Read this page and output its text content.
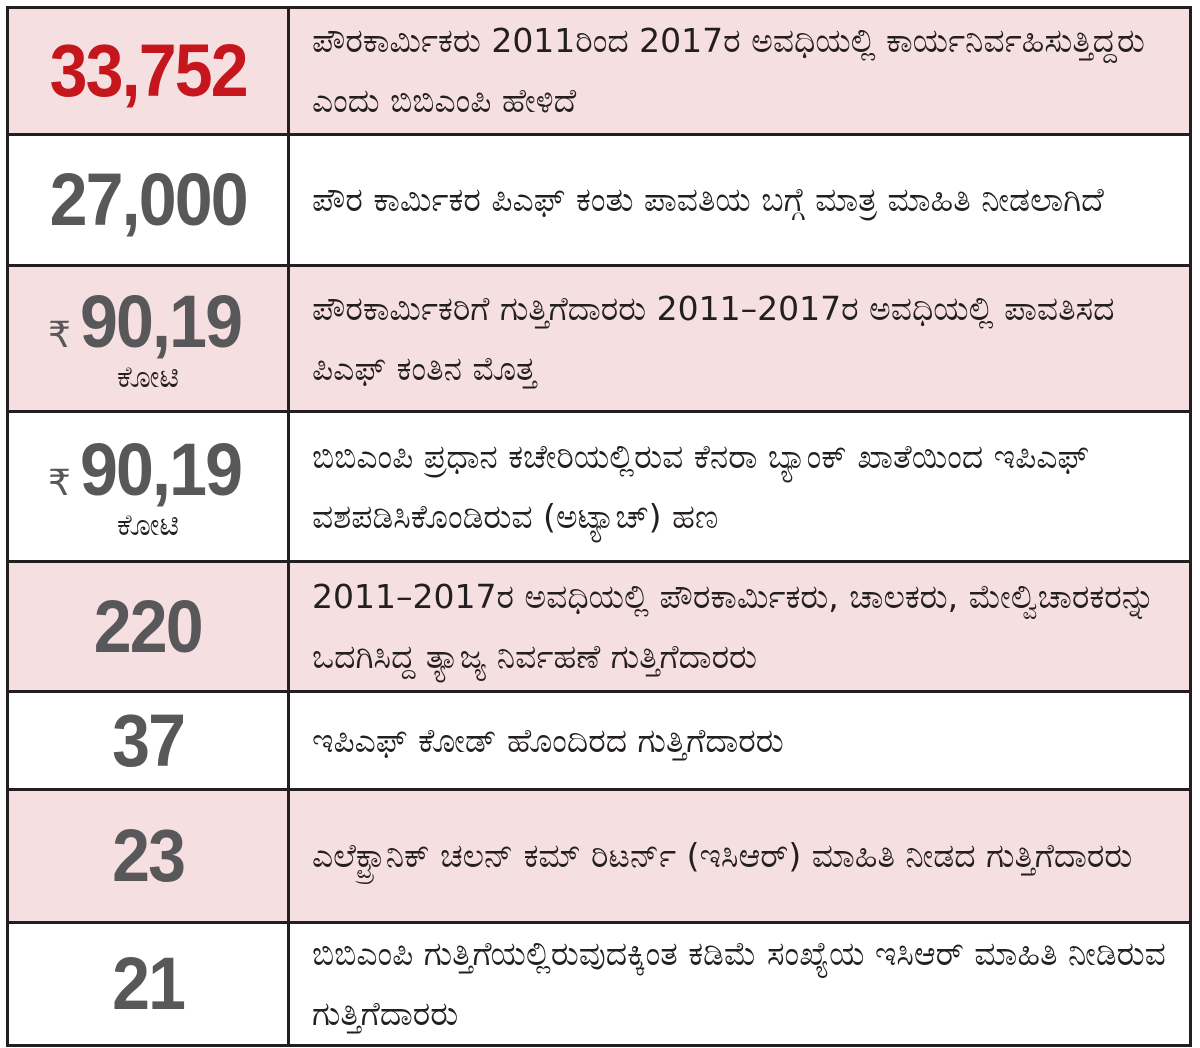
33,752	ಪೌರಕಾರ್ಮಿಕರು 2011ರಿಂದ 2017ರ ಅವಧಿಯಲ್ಲಿ ಕಾರ್ಯನಿರ್ವಹಿಸುತ್ತಿದ್ದರು ಎಂದು ಬಿಬಿಎಂಪಿ ಹೇಳಿದೆ

27,000	ಪೌರ ಕಾರ್ಮಿಕರ ಪಿಎಫ್‌ ಕಂತು ಪಾವತಿಯ ಬಗ್ಗೆ ಮಾತ್ರ ಮಾಹಿತಿ ನೀಡಲಾಗಿದೆ

₹ 90,19
ಕೋಟಿ	ಪೌರಕಾರ್ಮಿಕರಿಗೆ ಗುತ್ತಿಗೆದಾರರು 2011–2017ರ ಅವಧಿಯಲ್ಲಿ ಪಾವತಿಸದ ಪಿಎಫ್‌ ಕಂತಿನ ಮೊತ್ತ

₹ 90,19
ಕೋಟಿ	ಬಿಬಿಎಂಪಿ ಪ್ರಧಾನ ಕಚೇರಿಯಲ್ಲಿರುವ ಕೆನರಾ ಬ್ಯಾಂಕ್‌ ಖಾತೆಯಿಂದ ಇಪಿಎಫ್‌ ವಶಪಡಿಸಿಕೊಂಡಿರುವ (ಅಟ್ಯಾಚ್‌) ಹಣ

220	2011–2017ರ ಅವಧಿಯಲ್ಲಿ ಪೌರಕಾರ್ಮಿಕರು, ಚಾಲಕರು, ಮೇಲ್ವಿಚಾರಕರನ್ನು ಒದಗಿಸಿದ್ದ ತ್ಯಾಜ್ಯ ನಿರ್ವಹಣೆ ಗುತ್ತಿಗೆದಾರರು

37	ಇಪಿಎಫ್‌ ಕೋಡ್‌ ಹೊಂದಿರದ ಗುತ್ತಿಗೆದಾರರು

23	ಎಲೆಕ್ಟ್ರಾನಿಕ್‌ ಚಲನ್‌ ಕಮ್‌ ರಿಟರ್ನ್‌ (ಇಸಿಆರ್‌) ಮಾಹಿತಿ ನೀಡದ ಗುತ್ತಿಗೆದಾರರು

21	ಬಿಬಿಎಂಪಿ ಗುತ್ತಿಗೆಯಲ್ಲಿರುವುದಕ್ಕಿಂತ ಕಡಿಮೆ ಸಂಖ್ಯೆಯ ಇಸಿಆರ್‌ ಮಾಹಿತಿ ನೀಡಿರುವ ಗುತ್ತಿಗೆದಾರರು
